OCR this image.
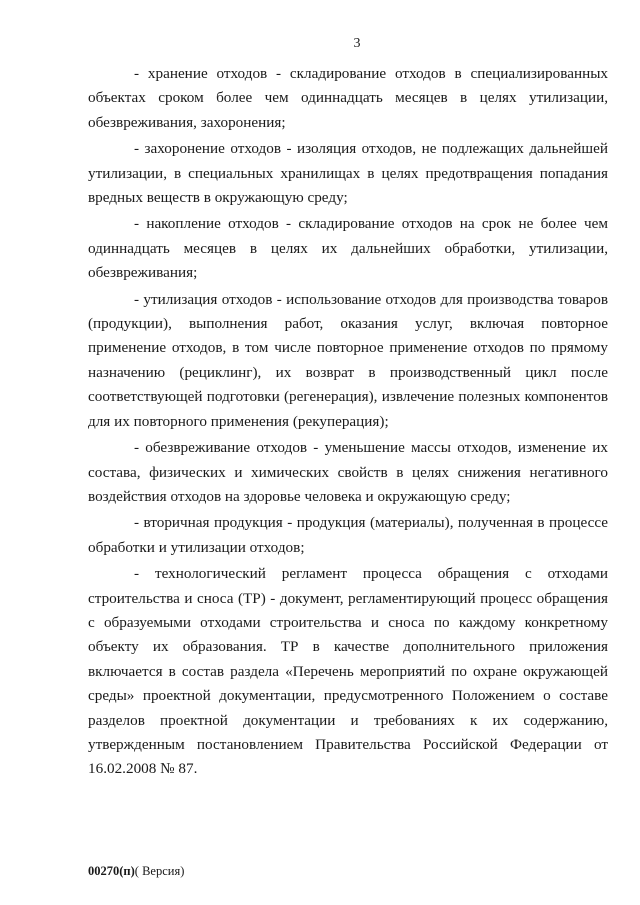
3

- хранение отходов - складирование отходов в специализированных объектах сроком более чем одиннадцать месяцев в целях утилизации, обезвреживания, захоронения;

- захоронение отходов - изоляция отходов, не подлежащих дальнейшей утилизации, в специальных хранилищах в целях предотвращения попадания вредных веществ в окружающую среду;

- накопление отходов - складирование отходов на срок не более чем одиннадцать месяцев в целях их дальнейших обработки, утилизации, обезвреживания;

- утилизация отходов - использование отходов для производства товаров (продукции), выполнения работ, оказания услуг, включая повторное применение отходов, в том числе повторное применение отходов по прямому назначению (рециклинг), их возврат в производственный цикл после соответствующей подготовки (регенерация), извлечение полезных компонентов для их повторного применения (рекуперация);

- обезвреживание отходов - уменьшение массы отходов, изменение их состава, физических и химических свойств в целях снижения негативного воздействия отходов на здоровье человека и окружающую среду;

- вторичная продукция - продукция (материалы), полученная в процессе обработки и утилизации отходов;

- технологический регламент процесса обращения с отходами строительства и сноса (ТР) - документ, регламентирующий процесс обращения с образуемыми отходами строительства и сноса по каждому конкретному объекту их образования. ТР в качестве дополнительного приложения включается в состав раздела «Перечень мероприятий по охране окружающей среды» проектной документации, предусмотренного Положением о составе разделов проектной документации и требованиях к их содержанию, утвержденным постановлением Правительства Российской Федерации от 16.02.2008 № 87.

00270(п)( Версия)
